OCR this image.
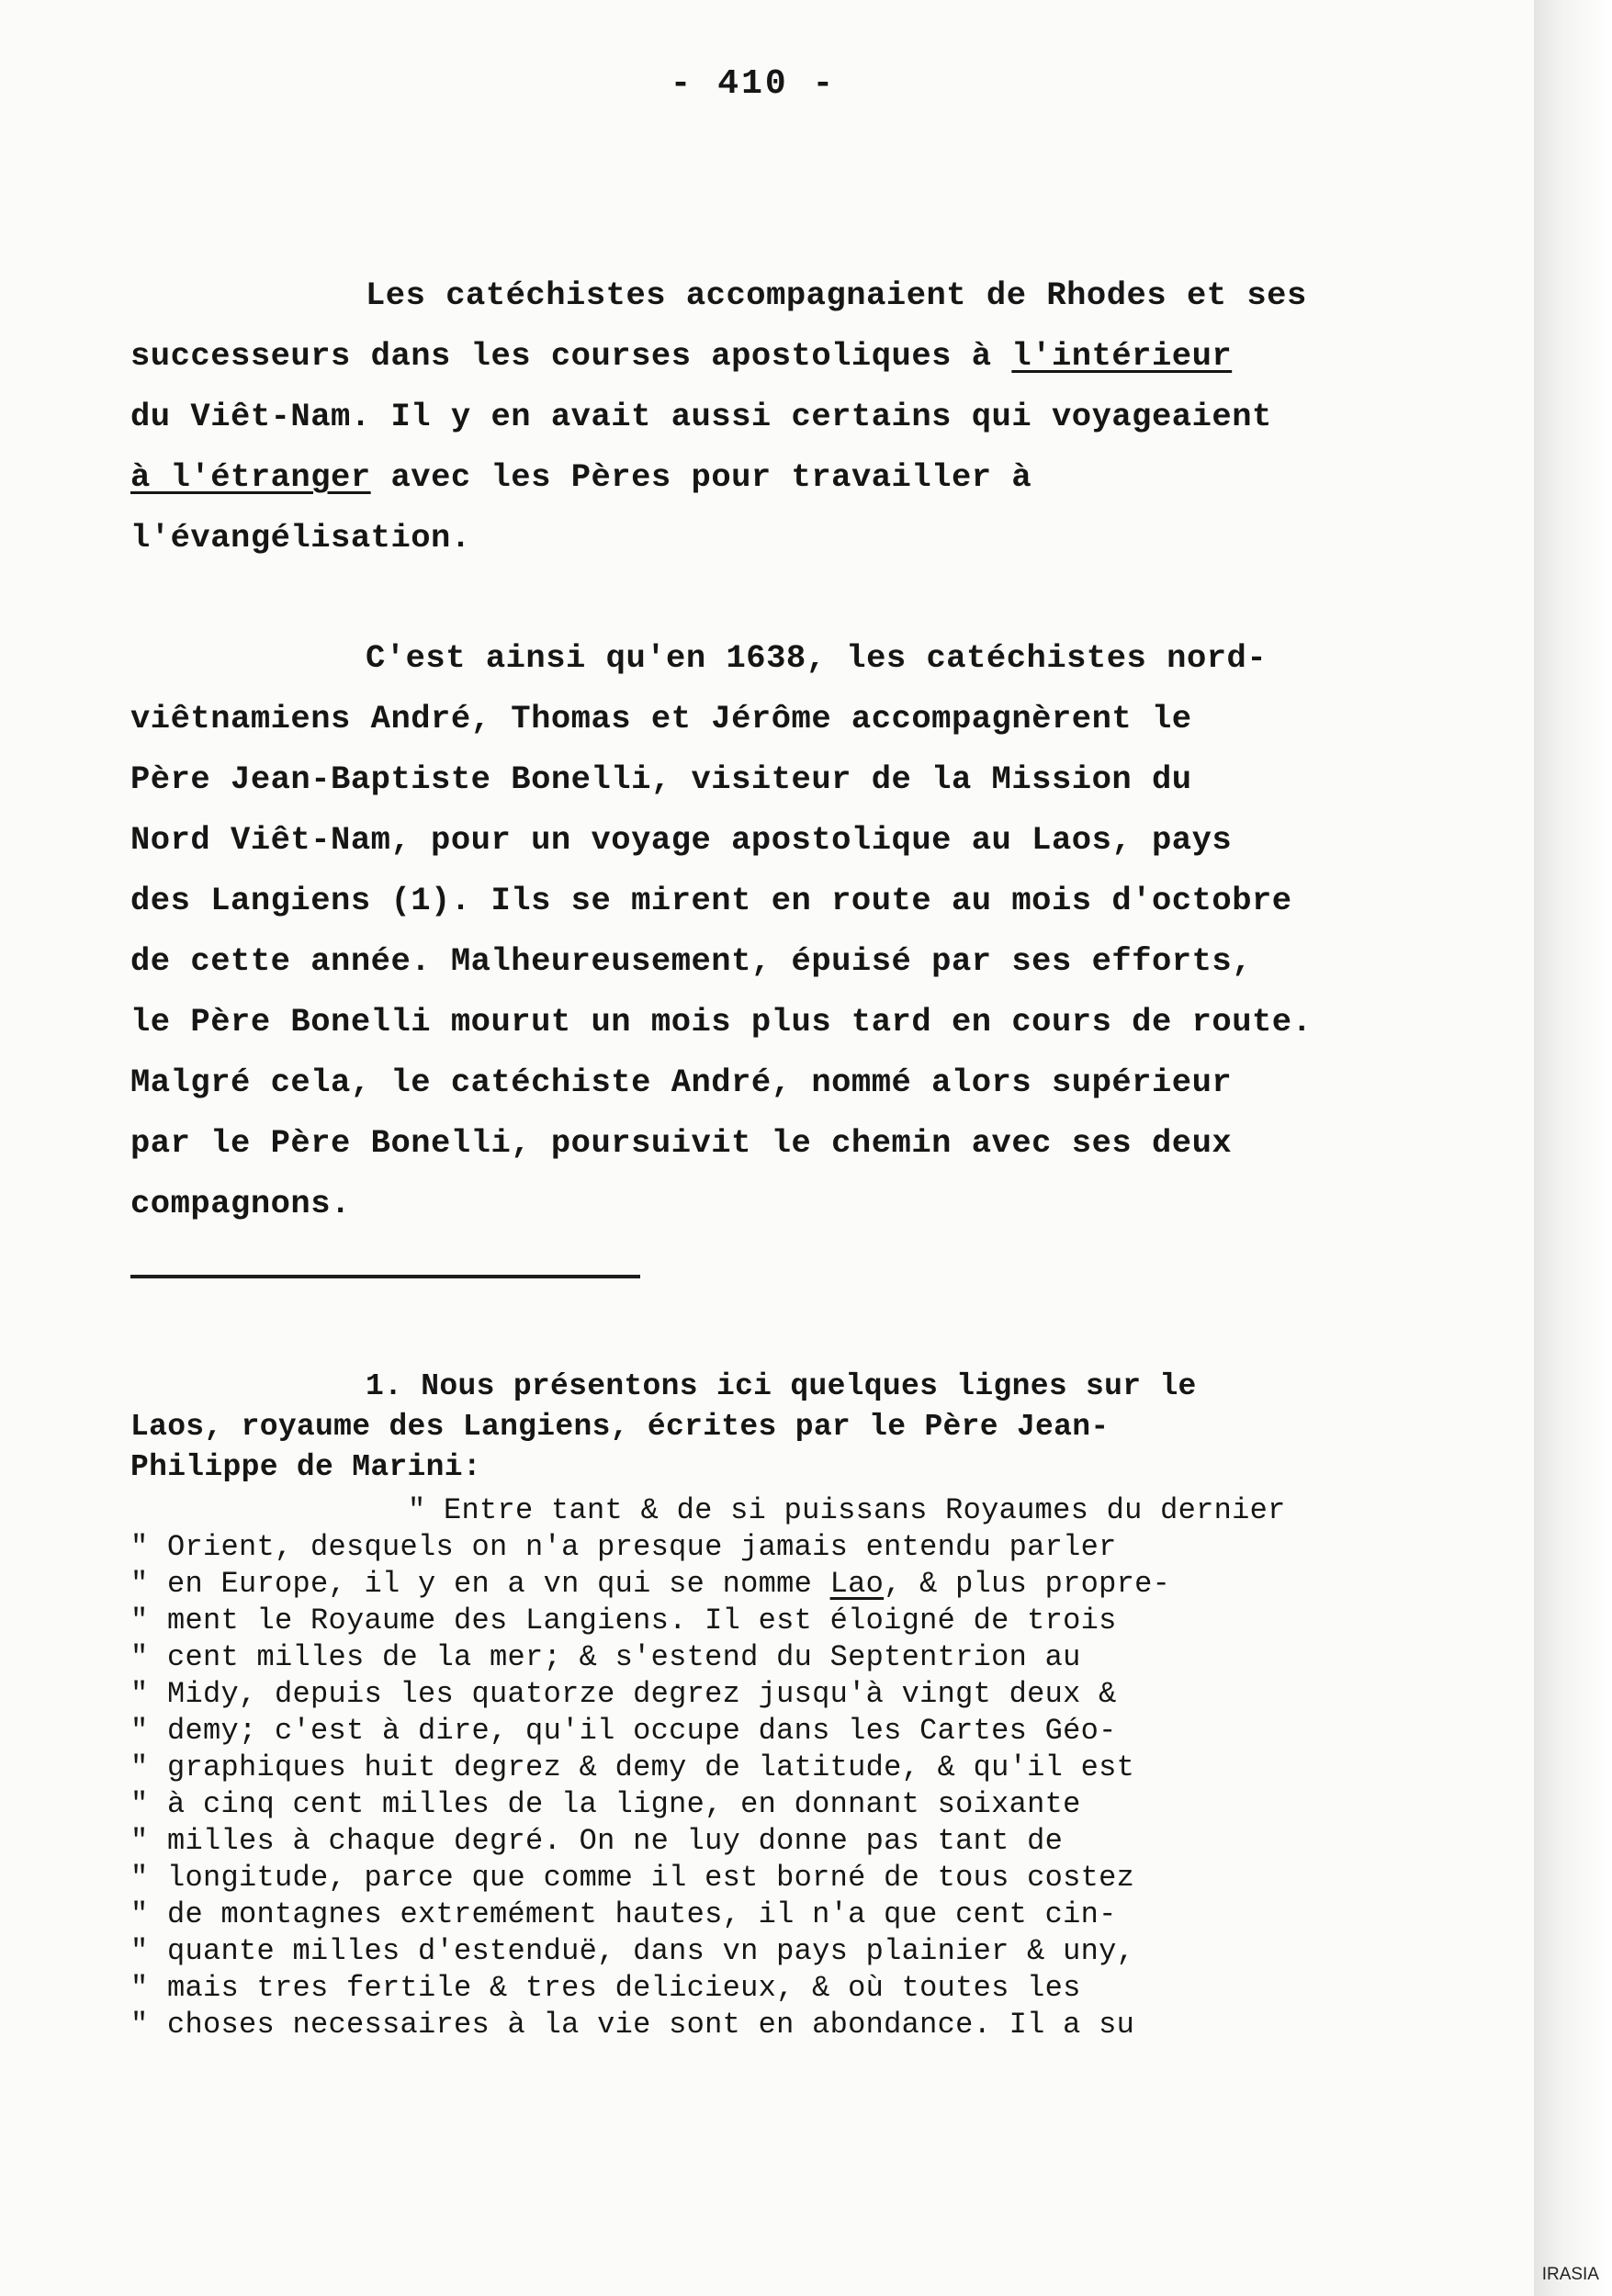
- 410 -
Les catéchistes accompagnaient de Rhodes et ses
successeurs dans les courses apostoliques à l'intérieur
du Viêt-Nam. Il y en avait aussi certains qui voyageaient
à l'étranger avec les Pères pour travailler à
l'évangélisation.
C'est ainsi qu'en 1638, les catéchistes nord-
viêtnamiens André, Thomas et Jérôme accompagnèrent le
Père Jean-Baptiste Bonelli, visiteur de la Mission du
Nord Viêt-Nam, pour un voyage apostolique au Laos, pays
des Langiens (1). Ils se mirent en route au mois d'octobre
de cette année. Malheureusement, épuisé par ses efforts,
le Père Bonelli mourut un mois plus tard en cours de route.
Malgré cela, le catéchiste André, nommé alors supérieur
par le Père Bonelli, poursuivit le chemin avec ses deux
compagnons.
1. Nous présentons ici quelques lignes sur le
Laos, royaume des Langiens, écrites par le Père Jean-
Philippe de Marini:
" Entre tant & de si puissans Royaumes du dernier
" Orient, desquels on n'a presque jamais entendu parler
" en Europe, il y en a vn qui se nomme Lao, & plus propre-
" ment le Royaume des Langiens. Il est éloigné de trois
" cent milles de la mer; & s'estend du Septentrion au
" Midy, depuis les quatorze degrez jusqu'à vingt deux &
" demy; c'est à dire, qu'il occupe dans les Cartes Géo-
" graphiques huit degrez & demy de latitude, & qu'il est
" à cinq cent milles de la ligne, en donnant soixante
" milles à chaque degré. On ne luy donne pas tant de
" longitude, parce que comme il est borné de tous costez
" de montagnes extremément hautes, il n'a que cent cin-
" quante milles d'estenduë, dans vn pays plainier & uny,
" mais tres fertile & tres delicieux, & où toutes les
" choses necessaires à la vie sont en abondance. Il a su
IRASIA
